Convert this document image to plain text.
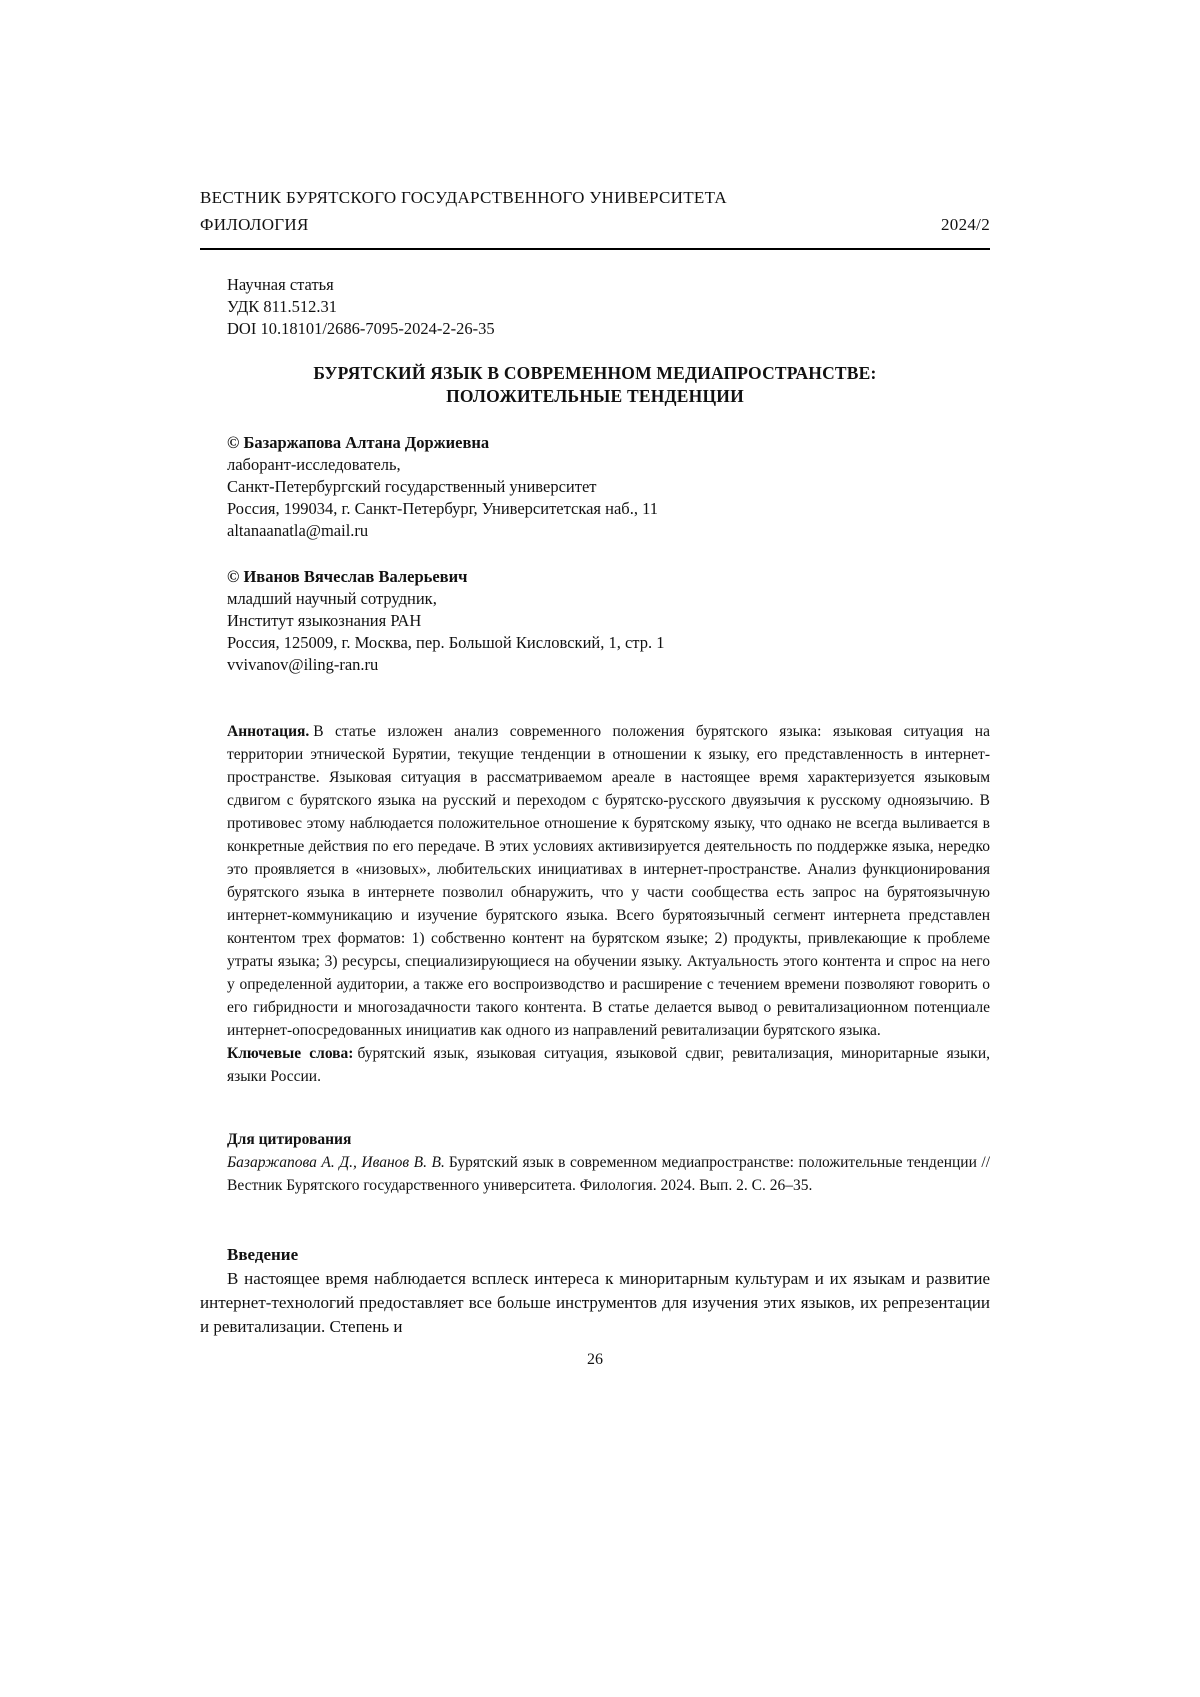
ВЕСТНИК БУРЯТСКОГО ГОСУДАРСТВЕННОГО УНИВЕРСИТЕТА
ФИЛОЛОГИЯ	2024/2
Научная статья
УДК 811.512.31
DOI 10.18101/2686-7095-2024-2-26-35
БУРЯТСКИЙ ЯЗЫК В СОВРЕМЕННОМ МЕДИАПРОСТРАНСТВЕ:
ПОЛОЖИТЕЛЬНЫЕ ТЕНДЕНЦИИ
© Базаржапова Алтана Доржиевна
лаборант-исследователь,
Санкт-Петербургский государственный университет
Россия, 199034, г. Санкт-Петербург, Университетская наб., 11
altanaanatla@mail.ru
© Иванов Вячеслав Валерьевич
младший научный сотрудник,
Институт языкознания РАН
Россия, 125009, г. Москва, пер. Большой Кисловский, 1, стр. 1
vvivanov@iling-ran.ru

Аннотация. В статье изложен анализ современного положения бурятского языка: языковая ситуация на территории этнической Бурятии, текущие тенденции в отношении к языку, его представленность в интернет-пространстве. Языковая ситуация в рассматриваемом ареале в настоящее время характеризуется языковым сдвигом с бурятского языка на русский и переходом с бурятско-русского двуязычия к русскому одноязычию. В противовес этому наблюдается положительное отношение к бурятскому языку, что однако не всегда выливается в конкретные действия по его передаче. В этих условиях активизируется деятельность по поддержке языка, нередко это проявляется в «низовых», любительских инициативах в интернет-пространстве. Анализ функционирования бурятского языка в интернете позволил обнаружить, что у части сообщества есть запрос на бурятоязычную интернет-коммуникацию и изучение бурятского языка. Всего бурятоязычный сегмент интернета представлен контентом трех форматов: 1) собственно контент на бурятском языке; 2) продукты, привлекающие к проблеме утраты языка; 3) ресурсы, специализирующиеся на обучении языку. Актуальность этого контента и спрос на него у определенной аудитории, а также его воспроизводство и расширение с течением времени позволяют говорить о его гибридности и многозадачности такого контента. В статье делается вывод о ревитализационном потенциале интернет-опосредованных инициатив как одного из направлений ревитализации бурятского языка.

Ключевые слова: бурятский язык, языковая ситуация, языковой сдвиг, ревитализация, миноритарные языки, языки России.

Для цитирования
Базаржапова А. Д., Иванов В. В. Бурятский язык в современном медиапространстве: положительные тенденции // Вестник Бурятского государственного университета. Филология. 2024. Вып. 2. С. 26–35.
Введение

В настоящее время наблюдается всплеск интереса к миноритарным культурам и их языкам и развитие интернет-технологий предоставляет все больше инструментов для изучения этих языков, их репрезентации и ревитализации. Степень и

26
